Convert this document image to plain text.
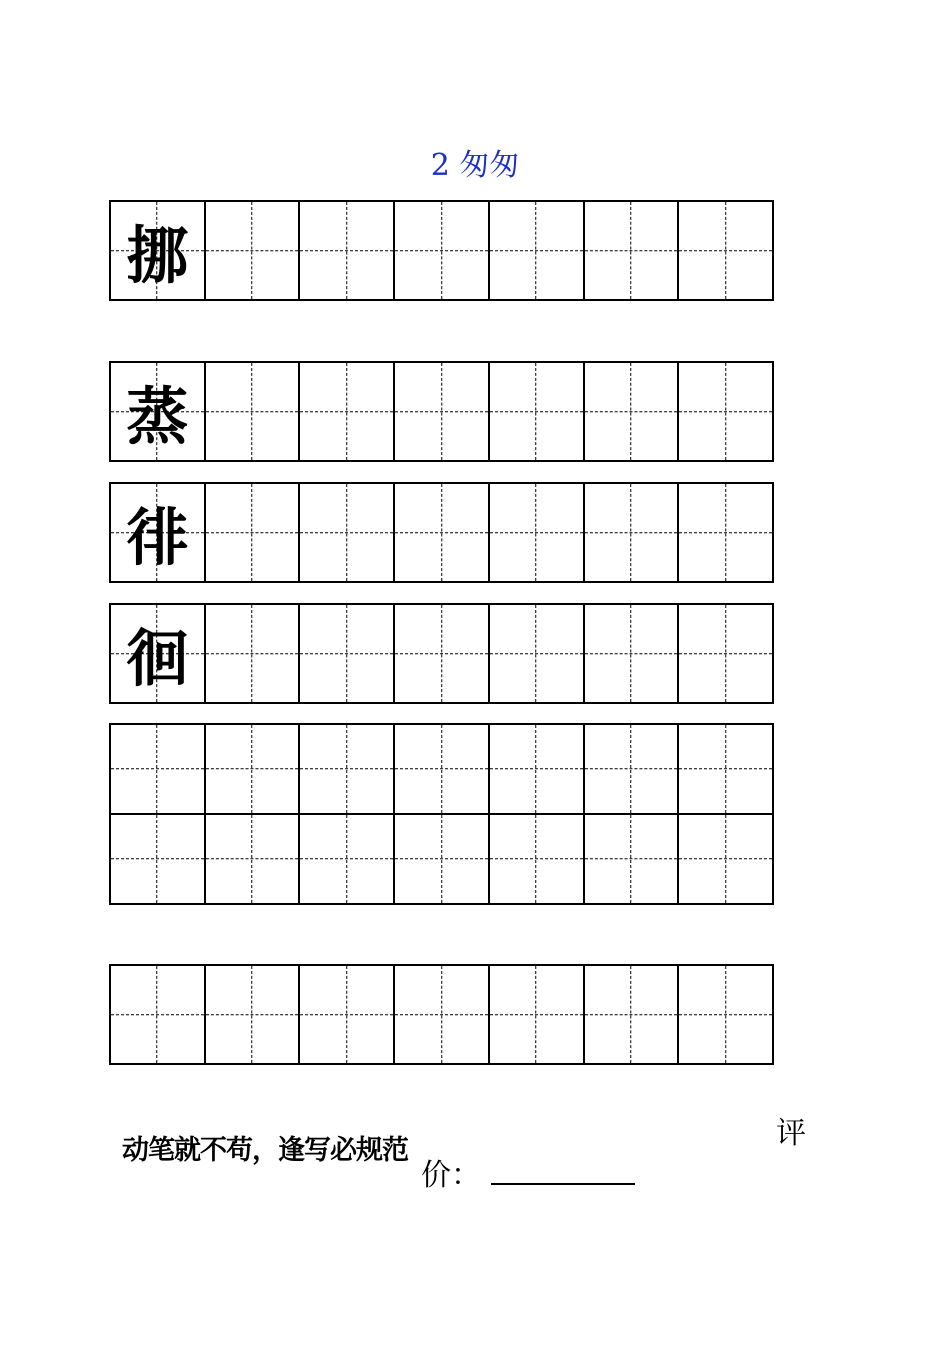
2 匆匆
挪
蒸
徘
徊
动笔就不苟，逢写必规范	评
价：
